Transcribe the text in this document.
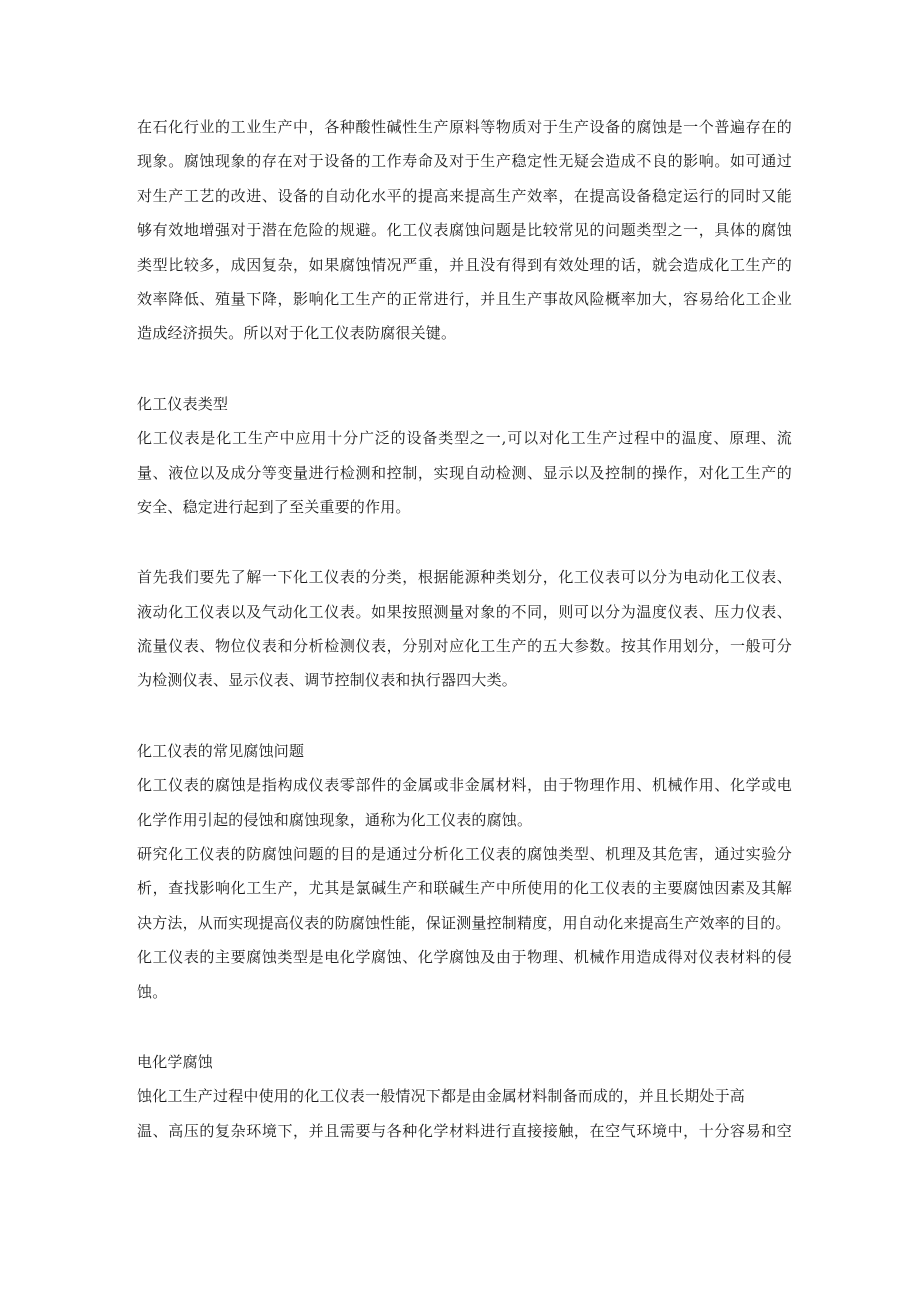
在石化行业的工业生产中，各种酸性碱性生产原料等物质对于生产设备的腐蚀是一个普遍存在的
现象。腐蚀现象的存在对于设备的工作寿命及对于生产稳定性无疑会造成不良的影响。如可通过
对生产工艺的改进、设备的自动化水平的提高来提高生产效率，在提高设备稳定运行的同时又能
够有效地增强对于潜在危险的规避。化工仪表腐蚀问题是比较常见的问题类型之一，具体的腐蚀
类型比较多，成因复杂，如果腐蚀情况严重，并且没有得到有效处理的话，就会造成化工生产的
效率降低、殖量下降，影响化工生产的正常进行，并且生产事故风险概率加大，容易给化工企业
造成经济损失。所以对于化工仪表防腐很关键。
化工仪表类型
化工仪表是化工生产中应用十分广泛的设备类型之一,可以对化工生产过程中的温度、原理、流
量、液位以及成分等变量进行检测和控制，实现自动检测、显示以及控制的操作，对化工生产的
安全、稳定进行起到了至关重要的作用。
首先我们要先了解一下化工仪表的分类，根据能源种类划分，化工仪表可以分为电动化工仪表、
液动化工仪表以及气动化工仪表。如果按照测量对象的不同，则可以分为温度仪表、压力仪表、
流量仪表、物位仪表和分析检测仪表，分别对应化工生产的五大参数。按其作用划分，一般可分
为检测仪表、显示仪表、调节控制仪表和执行器四大类。
化工仪表的常见腐蚀问题
化工仪表的腐蚀是指构成仪表零部件的金属或非金属材料，由于物理作用、机械作用、化学或电
化学作用引起的侵蚀和腐蚀现象，通称为化工仪表的腐蚀。
研究化工仪表的防腐蚀问题的目的是通过分析化工仪表的腐蚀类型、机理及其危害，通过实验分
析，查找影响化工生产，尤其是氯碱生产和联碱生产中所使用的化工仪表的主要腐蚀因素及其解
决方法，从而实现提高仪表的防腐蚀性能，保证测量控制精度，用自动化来提高生产效率的目的。
化工仪表的主要腐蚀类型是电化学腐蚀、化学腐蚀及由于物理、机械作用造成得对仪表材料的侵
蚀。
电化学腐蚀
蚀化工生产过程中使用的化工仪表一般情况下都是由金属材料制备而成的，并且长期处于高
温、高压的复杂环境下，并且需要与各种化学材料进行直接接触，在空气环境中，十分容易和空
